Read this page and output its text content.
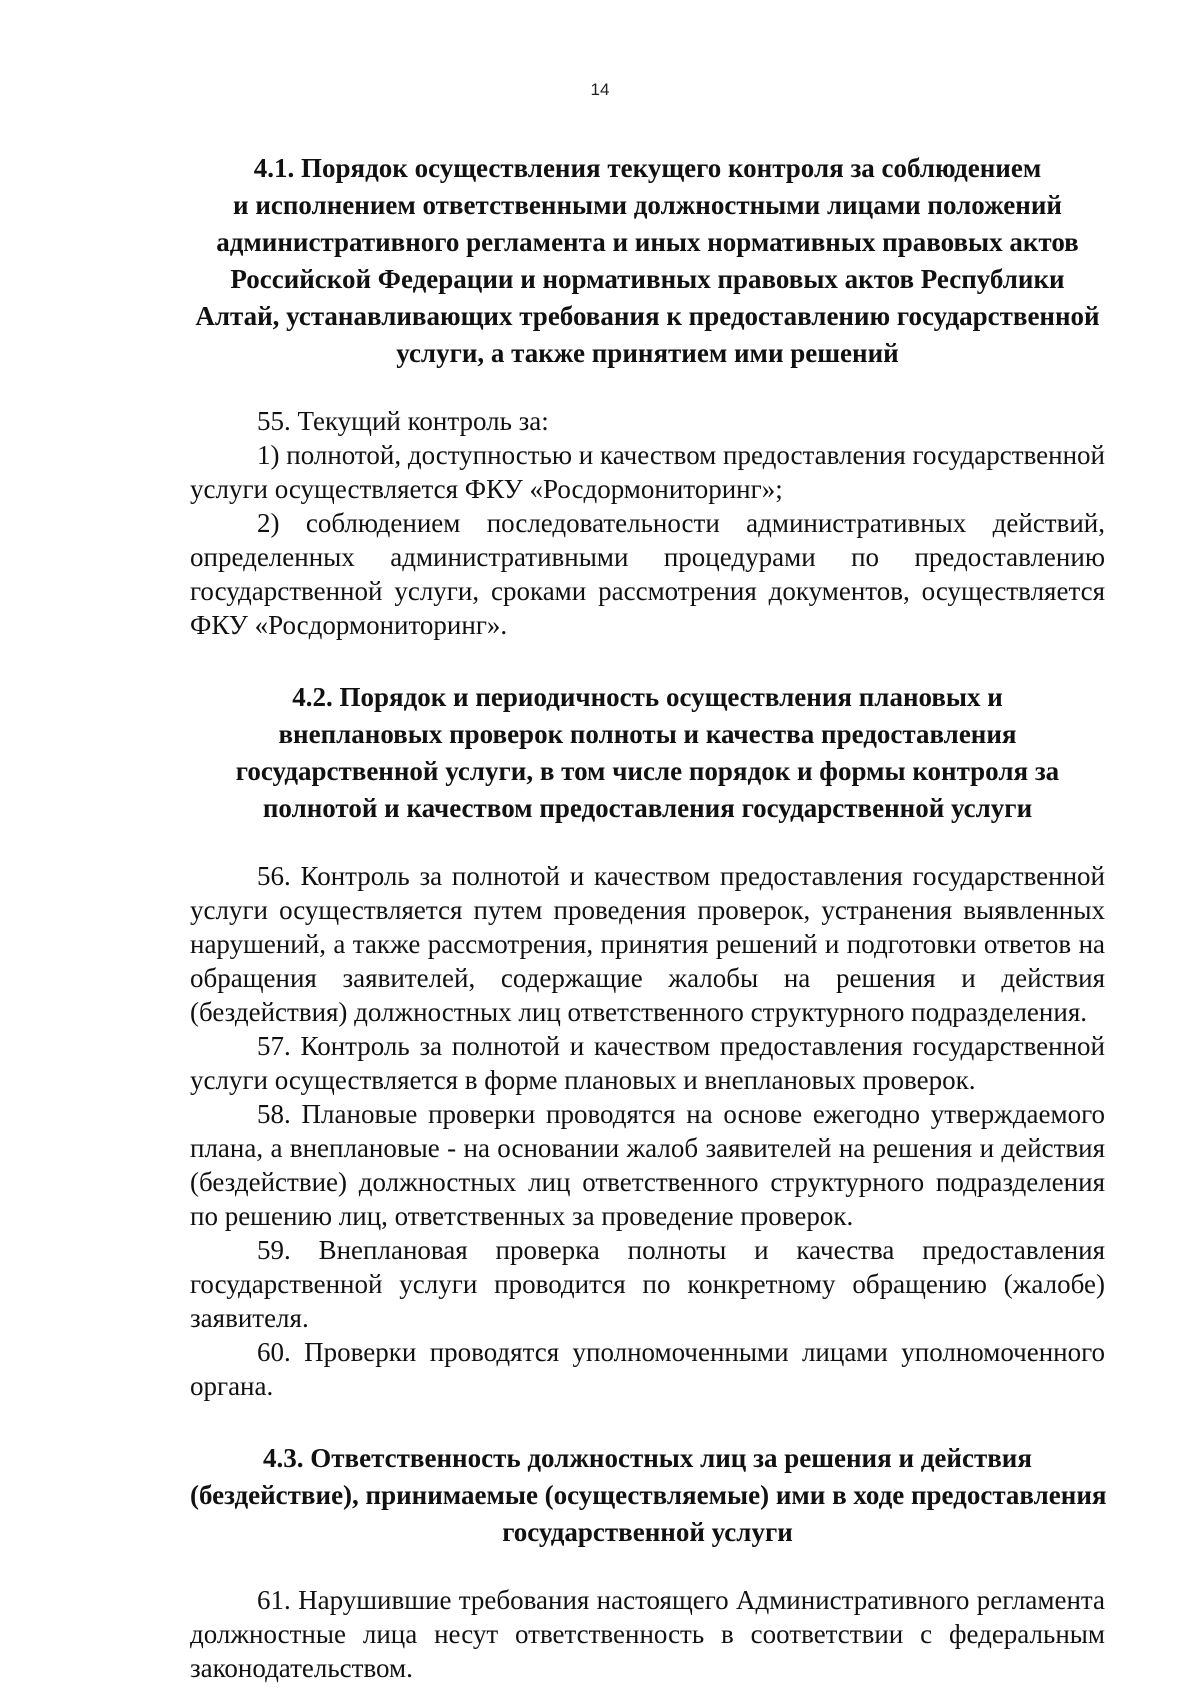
14
4.1. Порядок осуществления текущего контроля за соблюдением
и исполнением ответственными должностными лицами положений
административного регламента и иных нормативных правовых актов
Российской Федерации и нормативных правовых актов Республики
Алтай, устанавливающих требования к предоставлению государственной
услуги, а также принятием ими решений

55. Текущий контроль за:

1) полнотой, доступностью и качеством предоставления государственной услуги осуществляется ФКУ «Росдормониторинг»;

2) соблюдением последовательности административных действий, определенных административными процедурами по предоставлению государственной услуги, сроками рассмотрения документов, осуществляется ФКУ «Росдормониторинг».

4.2. Порядок и периодичность осуществления плановых и
внеплановых проверок полноты и качества предоставления
государственной услуги, в том числе порядок и формы контроля за
полнотой и качеством предоставления государственной услуги

56. Контроль за полнотой и качеством предоставления государственной услуги осуществляется путем проведения проверок, устранения выявленных нарушений, а также рассмотрения, принятия решений и подготовки ответов на обращения заявителей, содержащие жалобы на решения и действия (бездействия) должностных лиц ответственного структурного подразделения.

57. Контроль за полнотой и качеством предоставления государственной услуги осуществляется в форме плановых и внеплановых проверок.

58. Плановые проверки проводятся на основе ежегодно утверждаемого плана, а внеплановые - на основании жалоб заявителей на решения и действия (бездействие) должностных лиц ответственного структурного подразделения по решению лиц, ответственных за проведение проверок.

59. Внеплановая проверка полноты и качества предоставления государственной услуги проводится по конкретному обращению (жалобе) заявителя.

60. Проверки проводятся уполномоченными лицами уполномоченного органа.

4.3. Ответственность должностных лиц за решения и действия
(бездействие), принимаемые (осуществляемые) ими в ходе предоставления
государственной услуги

61. Нарушившие требования настоящего Административного регламента должностные лица несут ответственность в соответствии с федеральным законодательством.
